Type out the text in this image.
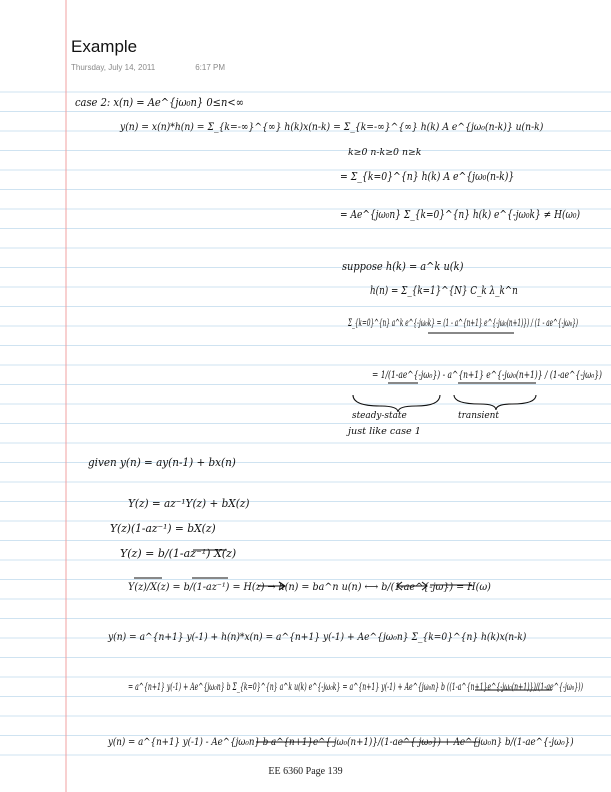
case 2: x(n) = Ae^{jω₀n} 0≤n<∞
y(n) = x(n)*h(n) = Σ_{k=-∞}^{∞} h(k)x(n-k) = Σ_{k=-∞}^{∞} h(k) A e^{jω₀(n-k)} u(n-k)
k≥0 n-k≥0 n≥k
= Σ_{k=0}^{n} h(k) A e^{jω₀(n-k)}
= Ae^{jω₀n} Σ_{k=0}^{n} h(k) e^{-jω₀k} ≠ H(ω₀)
suppose h(k) = a^k u(k)
h(n) = Σ_{k=1}^{N} C_k λ_k^n
Σ_{k=0}^{n} a^k e^{-jω₀k} = (1 - a^{n+1} e^{-jω₀(n+1)}) / (1 - ae^{-jω₀})
= 1/(1-ae^{-jω₀}) - a^{n+1} e^{-jω₀(n+1)} / (1-ae^{-jω₀})
steady-state	transient
just like case 1
given y(n) = ay(n-1) + bx(n)
Y(z) = az⁻¹Y(z) + bX(z)
Y(z)(1-az⁻¹) = bX(z)
Y(z) = b/(1-az⁻¹) X(z)
Y(z)/X(z) = b/(1-az⁻¹) = H(z) → h(n) = ba^n u(n) ⟷ b/(1-ae^{-jω}) = H(ω)
y(n) = a^{n+1} y(-1) + h(n)*x(n) = a^{n+1} y(-1) + Ae^{jω₀n} Σ_{k=0}^{n} h(k)x(n-k)
= a^{n+1} y(-1) + Ae^{jω₀n} b Σ_{k=0}^{n} a^k u(k) e^{-jω₀k} = a^{n+1} y(-1) + Ae^{jω₀n} b ((1-a^{n+1}e^{-jω₀(n+1)})/(1-ae^{-jω₀}))
y(n) = a^{n+1} y(-1) - Ae^{jω₀n} b a^{n+1}e^{-jω₀(n+1)}/(1-ae^{-jω₀}) + Ae^{jω₀n} b/(1-ae^{-jω₀})
Example
Thursday, July 14, 2011	6:17 PM
EE 6360 Page 139
